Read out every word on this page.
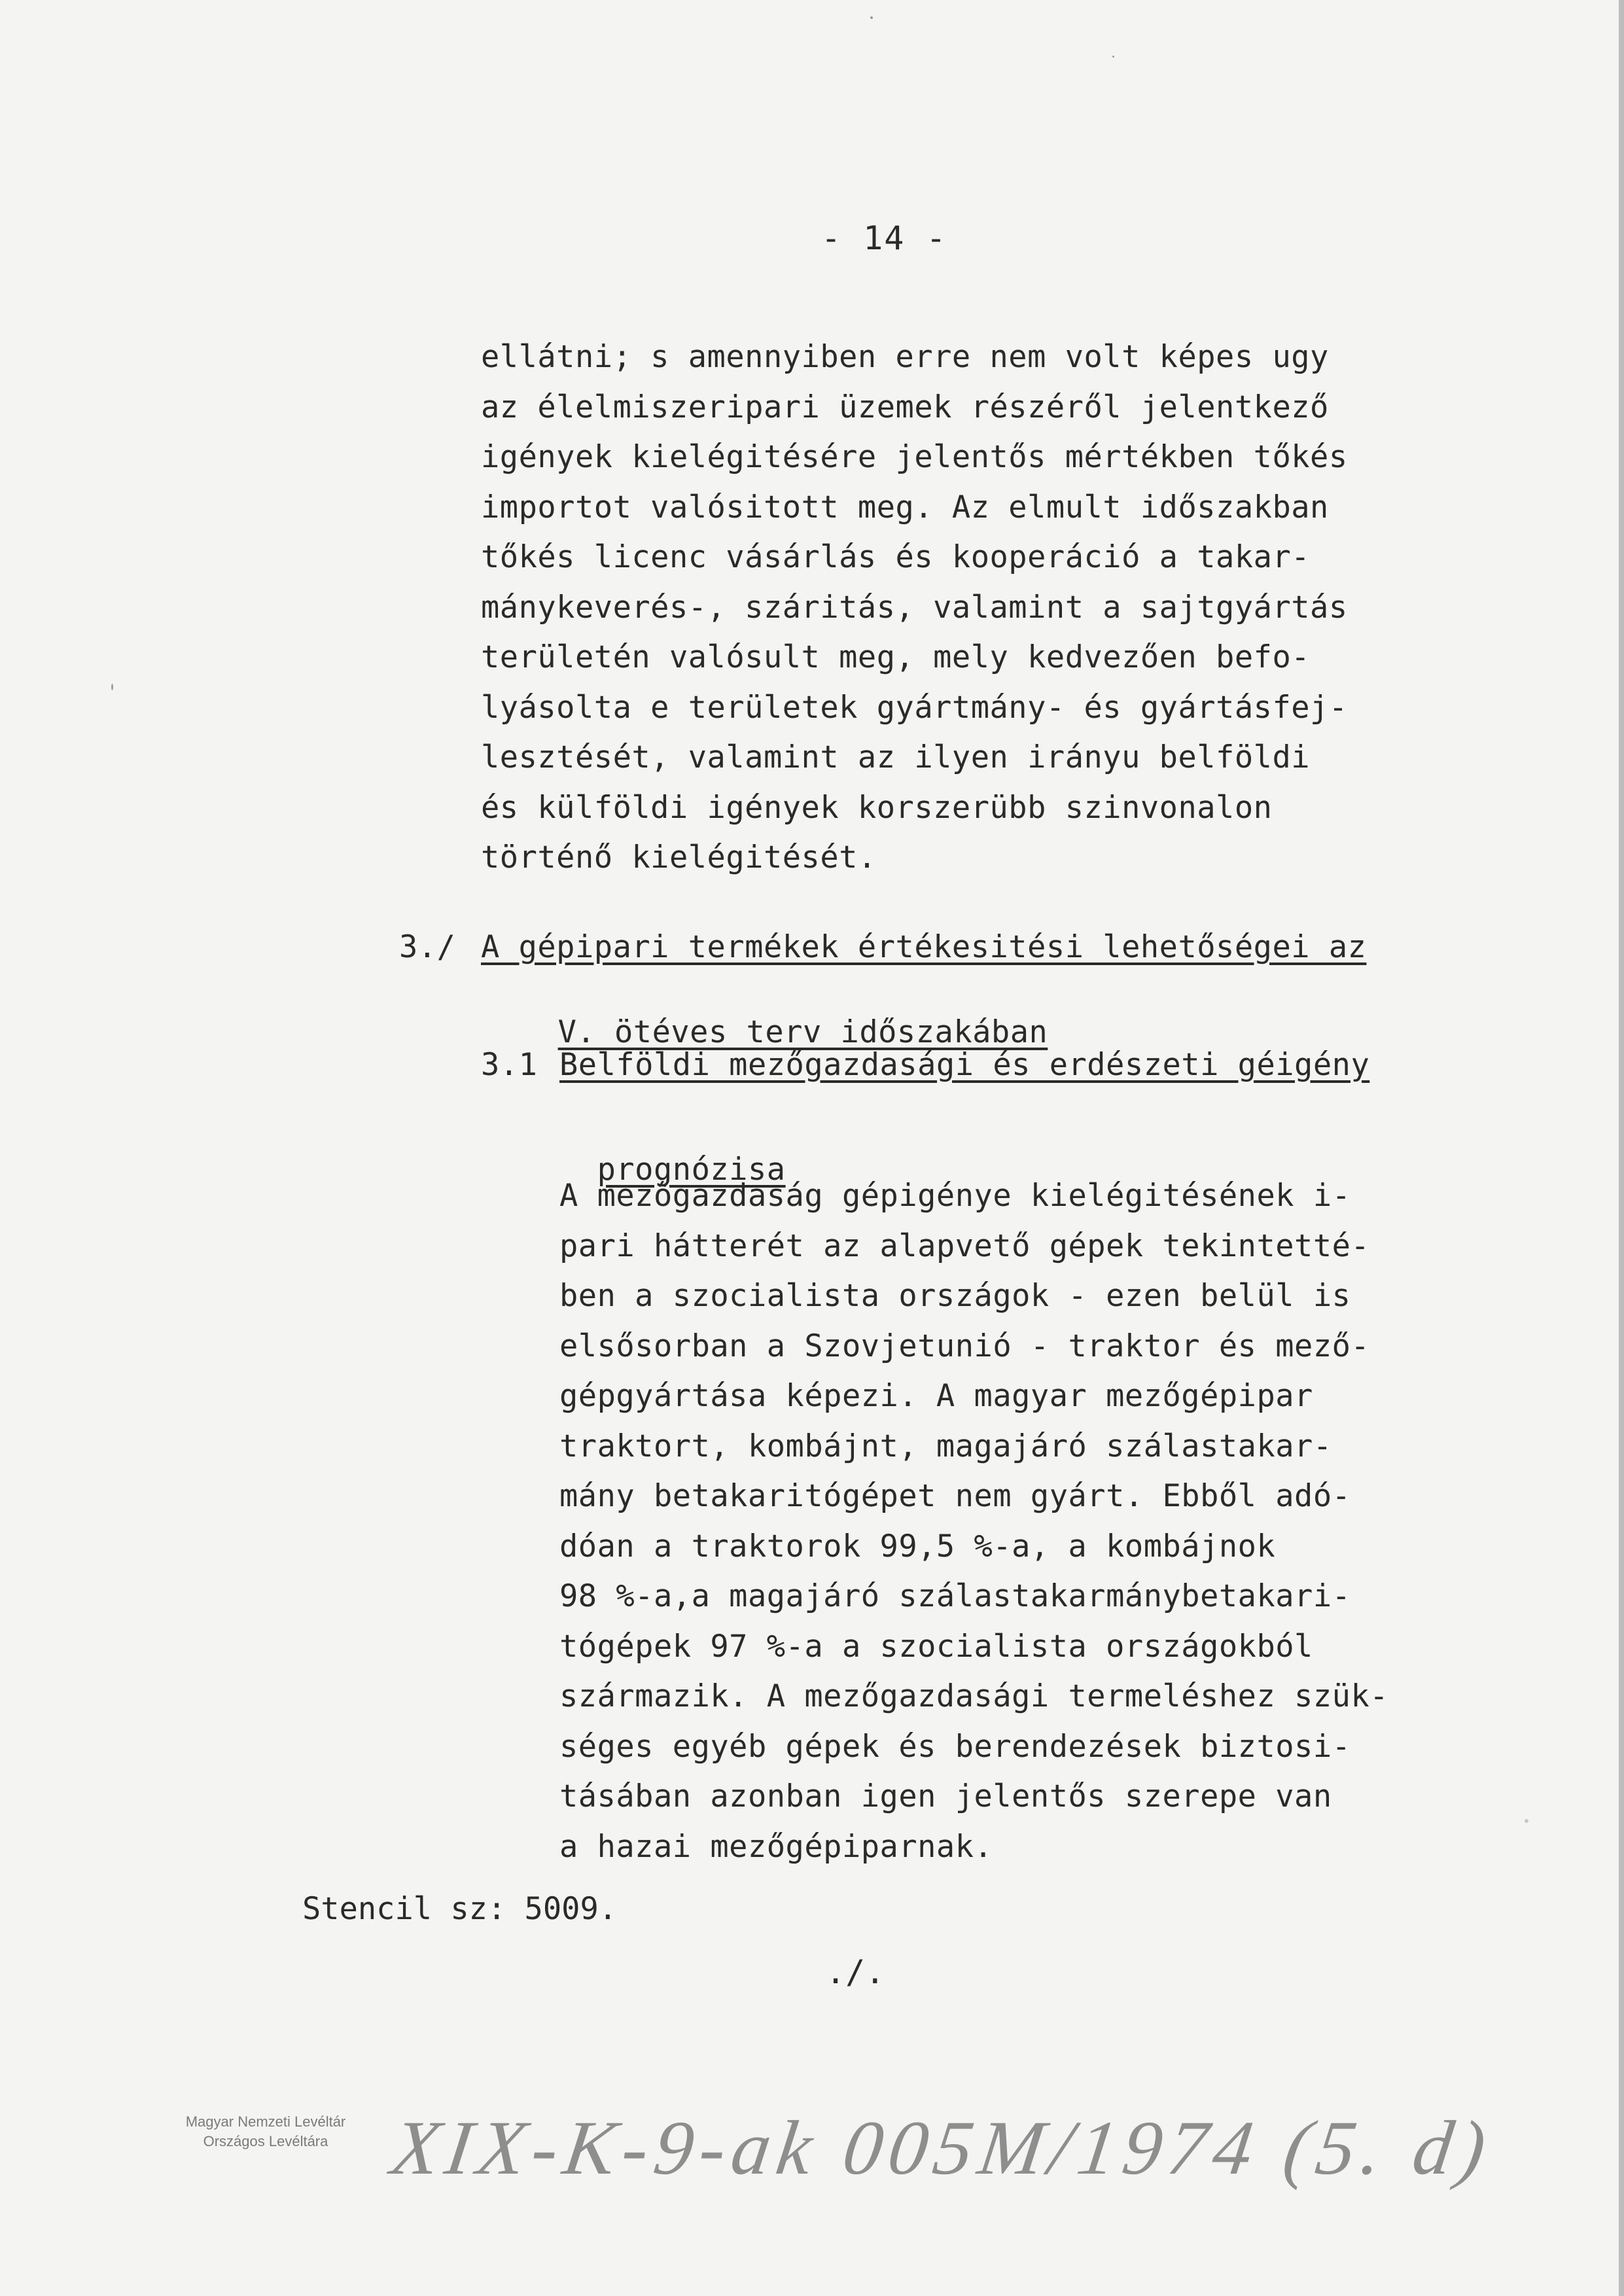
- 14 -
ellátni; s amennyiben erre nem volt képes ugy
az élelmiszeripari üzemek részéről jelentkező
igények kielégitésére jelentős mértékben tőkés
importot valósitott meg. Az elmult időszakban
tőkés licenc vásárlás és kooperáció a takar-
mánykeverés-, száritás, valamint a sajtgyártás
területén valósult meg, mely kedvezően befo-
lyásolta e területek gyártmány- és gyártásfej-
lesztését, valamint az ilyen irányu belföldi
és külföldi igények korszerübb szinvonalon
történő kielégitését.

3./

A gépipari termékek értékesitési lehetőségei az

V. ötéves terv időszakában

3.1

Belföldi mezőgazdasági és erdészeti géigény

prognózisa

A mezőgazdaság gépigénye kielégitésének i-
pari hátterét az alapvető gépek tekintetté-
ben a szocialista országok - ezen belül is
elsősorban a Szovjetunió - traktor és mező-
gépgyártása képezi. A magyar mezőgépipar
traktort, kombájnt, magajáró szálastakar-
mány betakaritógépet nem gyárt. Ebből adó-
dóan a traktorok 99,5 %-a, a kombájnok
98 %-a,a magajáró szálastakarmánybetakari-
tógépek 97 %-a a szocialista országokból
származik. A mezőgazdasági termeléshez szük-
séges egyéb gépek és berendezések biztosi-
tásában azonban igen jelentős szerepe van
a hazai mezőgépiparnak.
Stencil sz: 5009.
./.
Magyar Nemzeti Levéltár
Országos Levéltára XIX-K-9-ak 005M/1974 (5. d)
